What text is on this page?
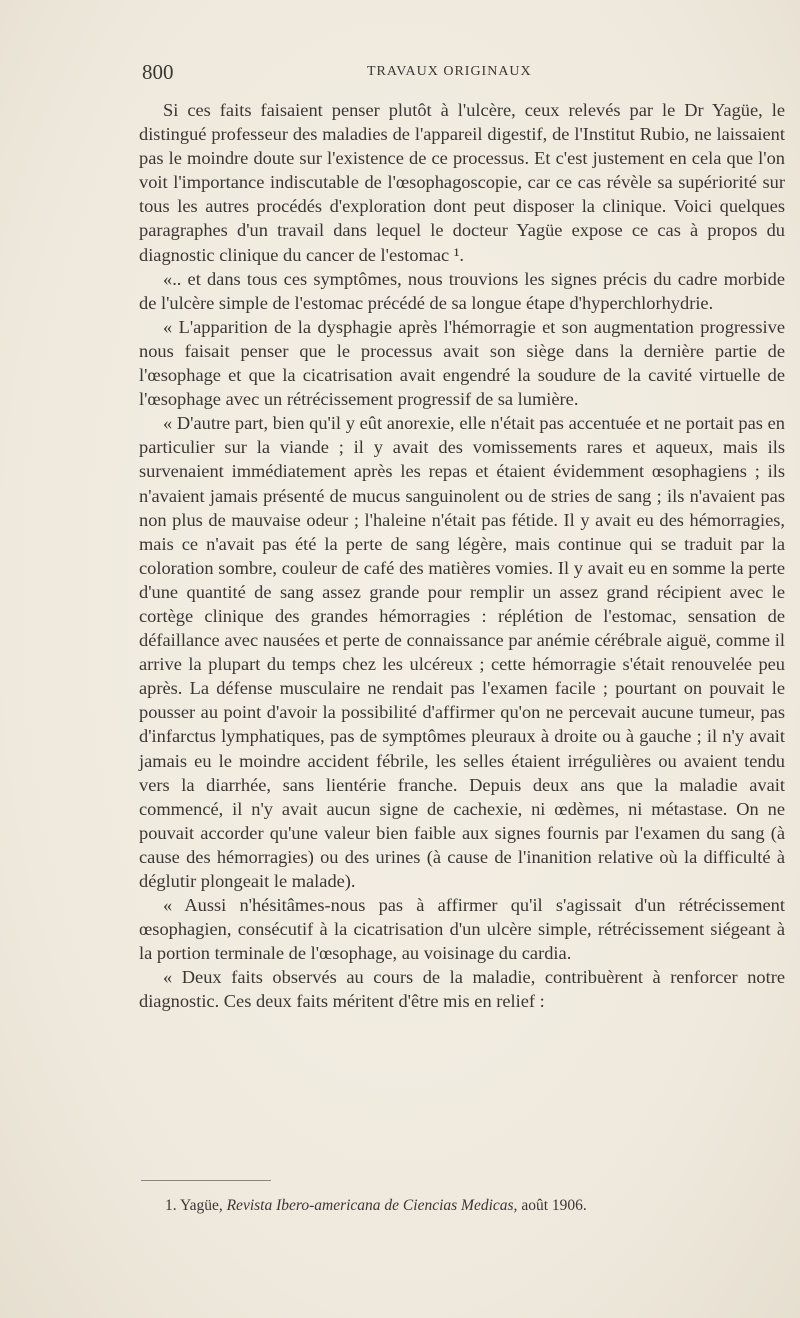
800	TRAVAUX ORIGINAUX

Si ces faits faisaient penser plutôt à l'ulcère, ceux relevés par le Dr Yagüe, le distingué professeur des maladies de l'appareil digestif, de l'Institut Rubio, ne laissaient pas le moindre doute sur l'existence de ce processus. Et c'est justement en cela que l'on voit l'importance indiscutable de l'œsophagoscopie, car ce cas révèle sa supériorité sur tous les autres procédés d'exploration dont peut disposer la clinique. Voici quelques paragraphes d'un travail dans lequel le docteur Yagüe expose ce cas à propos du diagnostic clinique du cancer de l'estomac ¹.

«.. et dans tous ces symptômes, nous trouvions les signes précis du cadre morbide de l'ulcère simple de l'estomac précédé de sa longue étape d'hyperchlorhydrie.

« L'apparition de la dysphagie après l'hémorragie et son augmentation progressive nous faisait penser que le processus avait son siège dans la dernière partie de l'œsophage et que la cicatrisation avait engendré la soudure de la cavité virtuelle de l'œsophage avec un rétrécissement progressif de sa lumière.

« D'autre part, bien qu'il y eût anorexie, elle n'était pas accentuée et ne portait pas en particulier sur la viande ; il y avait des vomissements rares et aqueux, mais ils survenaient immédiatement après les repas et étaient évidemment œsophagiens ; ils n'avaient jamais présenté de mucus sanguinolent ou de stries de sang ; ils n'avaient pas non plus de mauvaise odeur ; l'haleine n'était pas fétide. Il y avait eu des hémorragies, mais ce n'avait pas été la perte de sang légère, mais continue qui se traduit par la coloration sombre, couleur de café des matières vomies. Il y avait eu en somme la perte d'une quantité de sang assez grande pour remplir un assez grand récipient avec le cortège clinique des grandes hémorragies : réplétion de l'estomac, sensation de défaillance avec nausées et perte de connaissance par anémie cérébrale aiguë, comme il arrive la plupart du temps chez les ulcéreux ; cette hémorragie s'était renouvelée peu après. La défense musculaire ne rendait pas l'examen facile ; pourtant on pouvait le pousser au point d'avoir la possibilité d'affirmer qu'on ne percevait aucune tumeur, pas d'infarctus lymphatiques, pas de symptômes pleuraux à droite ou à gauche ; il n'y avait jamais eu le moindre accident fébrile, les selles étaient irrégulières ou avaient tendu vers la diarrhée, sans lientérie franche. Depuis deux ans que la maladie avait commencé, il n'y avait aucun signe de cachexie, ni œdèmes, ni métastase. On ne pouvait accorder qu'une valeur bien faible aux signes fournis par l'examen du sang (à cause des hémorragies) ou des urines (à cause de l'inanition relative où la difficulté à déglutir plongeait le malade).

« Aussi n'hésitâmes-nous pas à affirmer qu'il s'agissait d'un rétrécissement œsophagien, consécutif à la cicatrisation d'un ulcère simple, rétrécissement siégeant à la portion terminale de l'œsophage, au voisinage du cardia.

« Deux faits observés au cours de la maladie, contribuèrent à renforcer notre diagnostic. Ces deux faits méritent d'être mis en relief :

1. Yagüe, Revista Ibero-americana de Ciencias Medicas, août 1906.
